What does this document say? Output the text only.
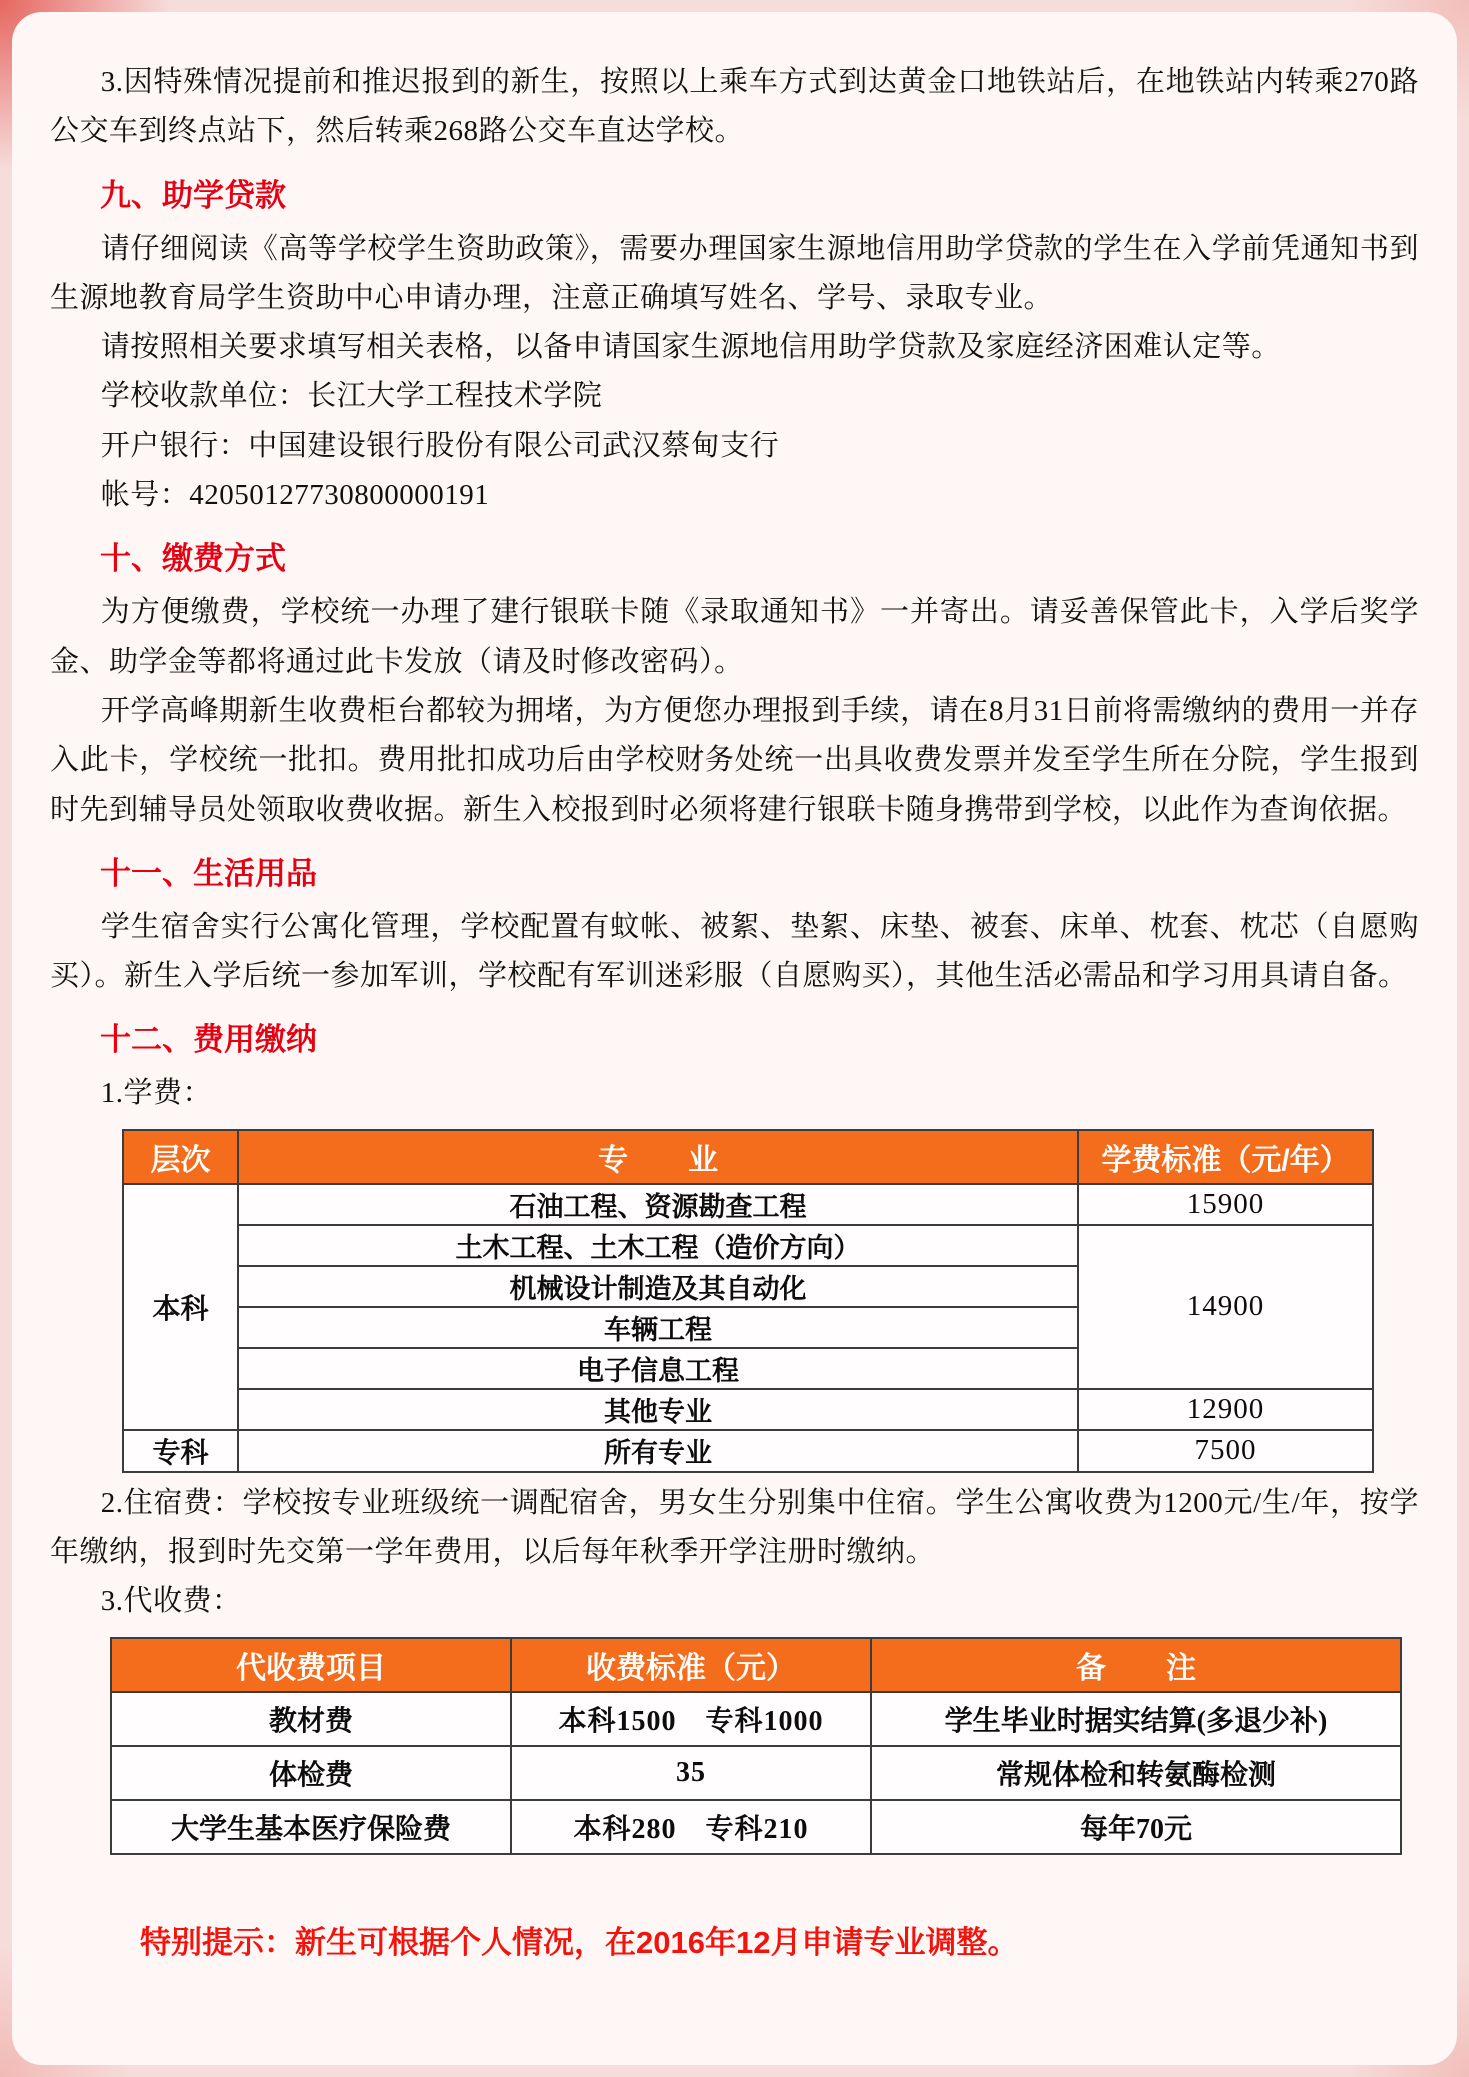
3.因特殊情况提前和推迟报到的新生，按照以上乘车方式到达黄金口地铁站后，在地铁站内转乘270路公交车到终点站下，然后转乘268路公交车直达学校。

九、助学贷款

请仔细阅读《高等学校学生资助政策》，需要办理国家生源地信用助学贷款的学生在入学前凭通知书到生源地教育局学生资助中心申请办理，注意正确填写姓名、学号、录取专业。

请按照相关要求填写相关表格，以备申请国家生源地信用助学贷款及家庭经济困难认定等。

学校收款单位：长江大学工程技术学院

开户银行：中国建设银行股份有限公司武汉蔡甸支行

帐号：42050127730800000191

十、缴费方式

为方便缴费，学校统一办理了建行银联卡随《录取通知书》一并寄出。请妥善保管此卡，入学后奖学金、助学金等都将通过此卡发放（请及时修改密码）。

开学高峰期新生收费柜台都较为拥堵，为方便您办理报到手续，请在8月31日前将需缴纳的费用一并存入此卡，学校统一批扣。费用批扣成功后由学校财务处统一出具收费发票并发至学生所在分院，学生报到时先到辅导员处领取收费收据。新生入校报到时必须将建行银联卡随身携带到学校，以此作为查询依据。

十一、生活用品

学生宿舍实行公寓化管理，学校配置有蚊帐、被絮、垫絮、床垫、被套、床单、枕套、枕芯（自愿购买）。新生入学后统一参加军训，学校配有军训迷彩服（自愿购买），其他生活必需品和学习用具请自备。

十二、费用缴纳

1.学费：

层次	专　　业	学费标准（元/年）
本科	石油工程、资源勘查工程	15900
	土木工程、土木工程（造价方向）	14900
	机械设计制造及其自动化	
	车辆工程	
	电子信息工程	
	其他专业	12900
专科	所有专业	7500

2.住宿费：学校按专业班级统一调配宿舍，男女生分别集中住宿。学生公寓收费为1200元/生/年，按学年缴纳，报到时先交第一学年费用，以后每年秋季开学注册时缴纳。

3.代收费：

代收费项目	收费标准（元）	备　　注
教材费	本科1500　专科1000	学生毕业时据实结算(多退少补)
体检费	35	常规体检和转氨酶检测
大学生基本医疗保险费	本科280　专科210	每年70元

特别提示：新生可根据个人情况，在2016年12月申请专业调整。
